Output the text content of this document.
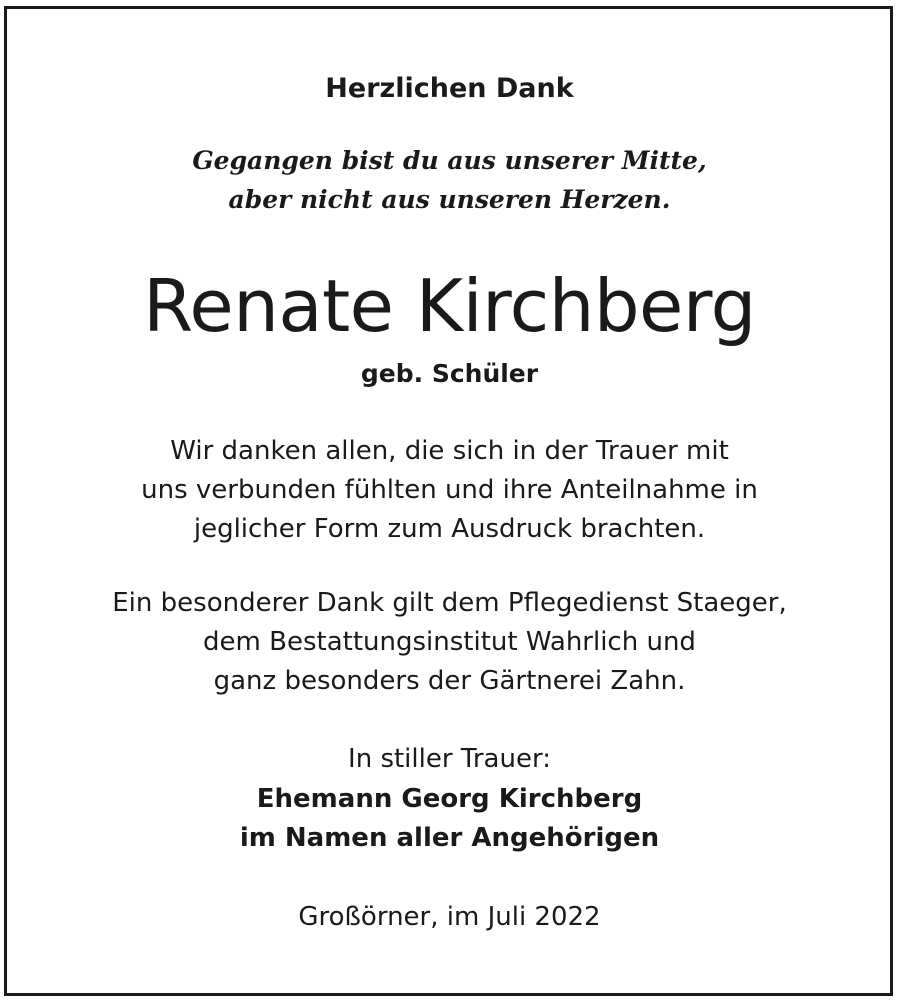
Herzlichen Dank

Gegangen bist du aus unserer Mitte,

aber nicht aus unseren Herzen.

Renate Kirchberg

geb. Schüler

Wir danken allen, die sich in der Trauer mit

uns verbunden fühlten und ihre Anteilnahme in

jeglicher Form zum Ausdruck brachten.

Ein besonderer Dank gilt dem Pflegedienst Staeger,

dem Bestattungsinstitut Wahrlich und

ganz besonders der Gärtnerei Zahn.

In stiller Trauer:

Ehemann Georg Kirchberg

im Namen aller Angehörigen

Großörner, im Juli 2022
